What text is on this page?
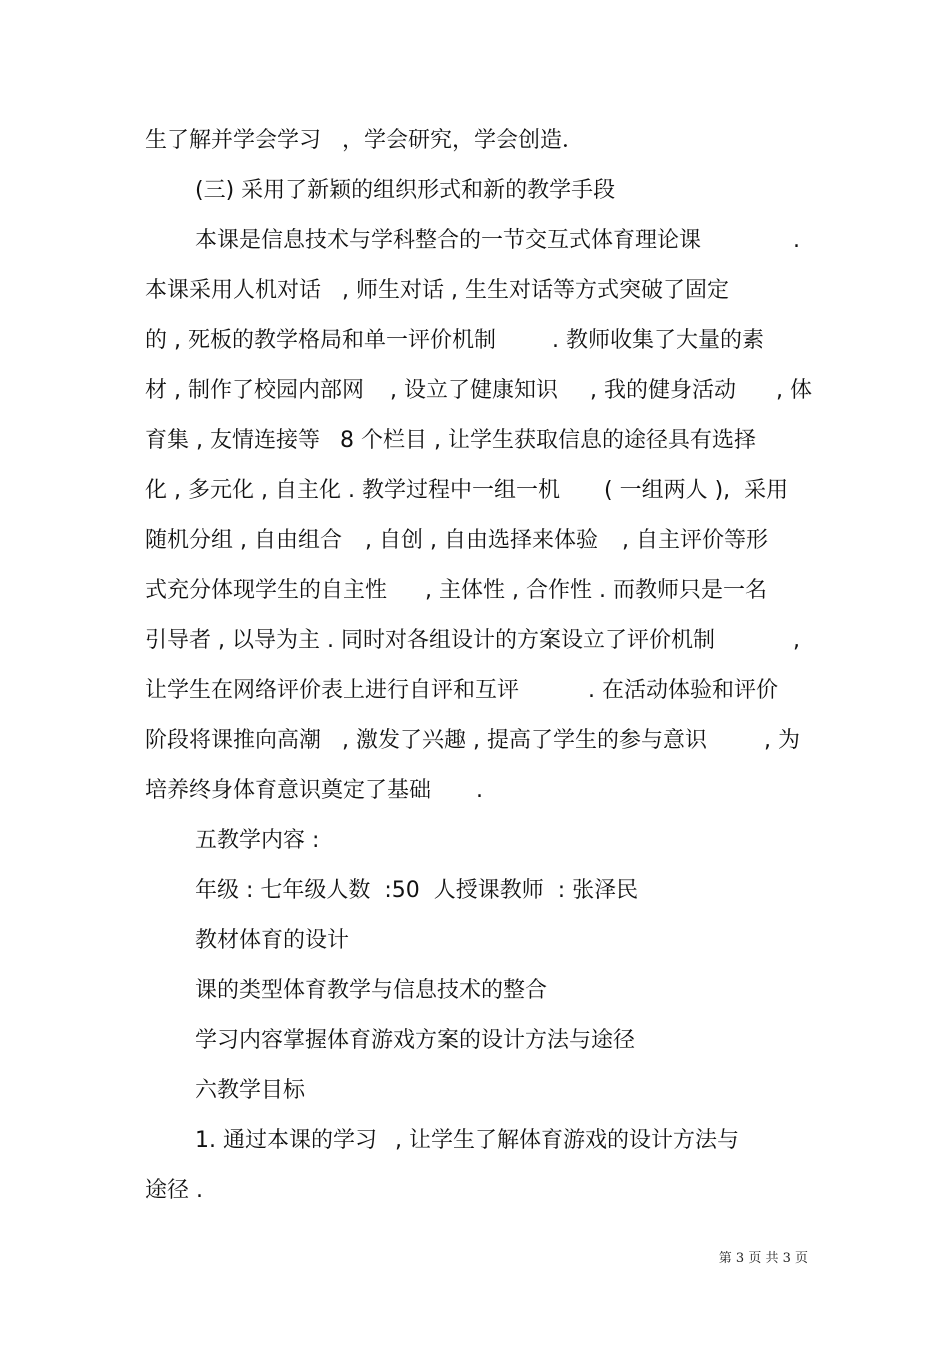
生了解并学会学习 ，学会研究，学会创造．
(三) 采用了新颖的组织形式和新的教学手段
本课是信息技术与学科整合的一节交互式体育理论课	.
本课采用人机对话 , 师生对话 , 生生对话等方式突破了固定
的 , 死板的教学格局和单一评价机制	. 教师收集了大量的素
材 , 制作了校园内部网 , 设立了健康知识 , 我的健身活动 , 体
育集 , 友情连接等 8 个栏目 , 让学生获取信息的途径具有选择
化 , 多元化 , 自主化 . 教学过程中一组一机 ( 一组两人 ),  采用
随机分组 , 自由组合 , 自创 , 自由选择来体验 , 自主评价等形
式充分体现学生的自主性 , 主体性 , 合作性 . 而教师只是一名
引导者 , 以导为主 . 同时对各组设计的方案设立了评价机制	,
让学生在网络评价表上进行自评和互评	. 在活动体验和评价
阶段将课推向高潮 , 激发了兴趣 , 提高了学生的参与意识	, 为
培养终身体育意识奠定了基础 .
五教学内容 :
年级 : 七年级人数  :50  人授课教师  : 张泽民
教材体育的设计
课的类型体育教学与信息技术的整合
学习内容掌握体育游戏方案的设计方法与途径
六教学目标
1. 通过本课的学习 , 让学生了解体育游戏的设计方法与
途径 .
第 3 页 共 3 页
